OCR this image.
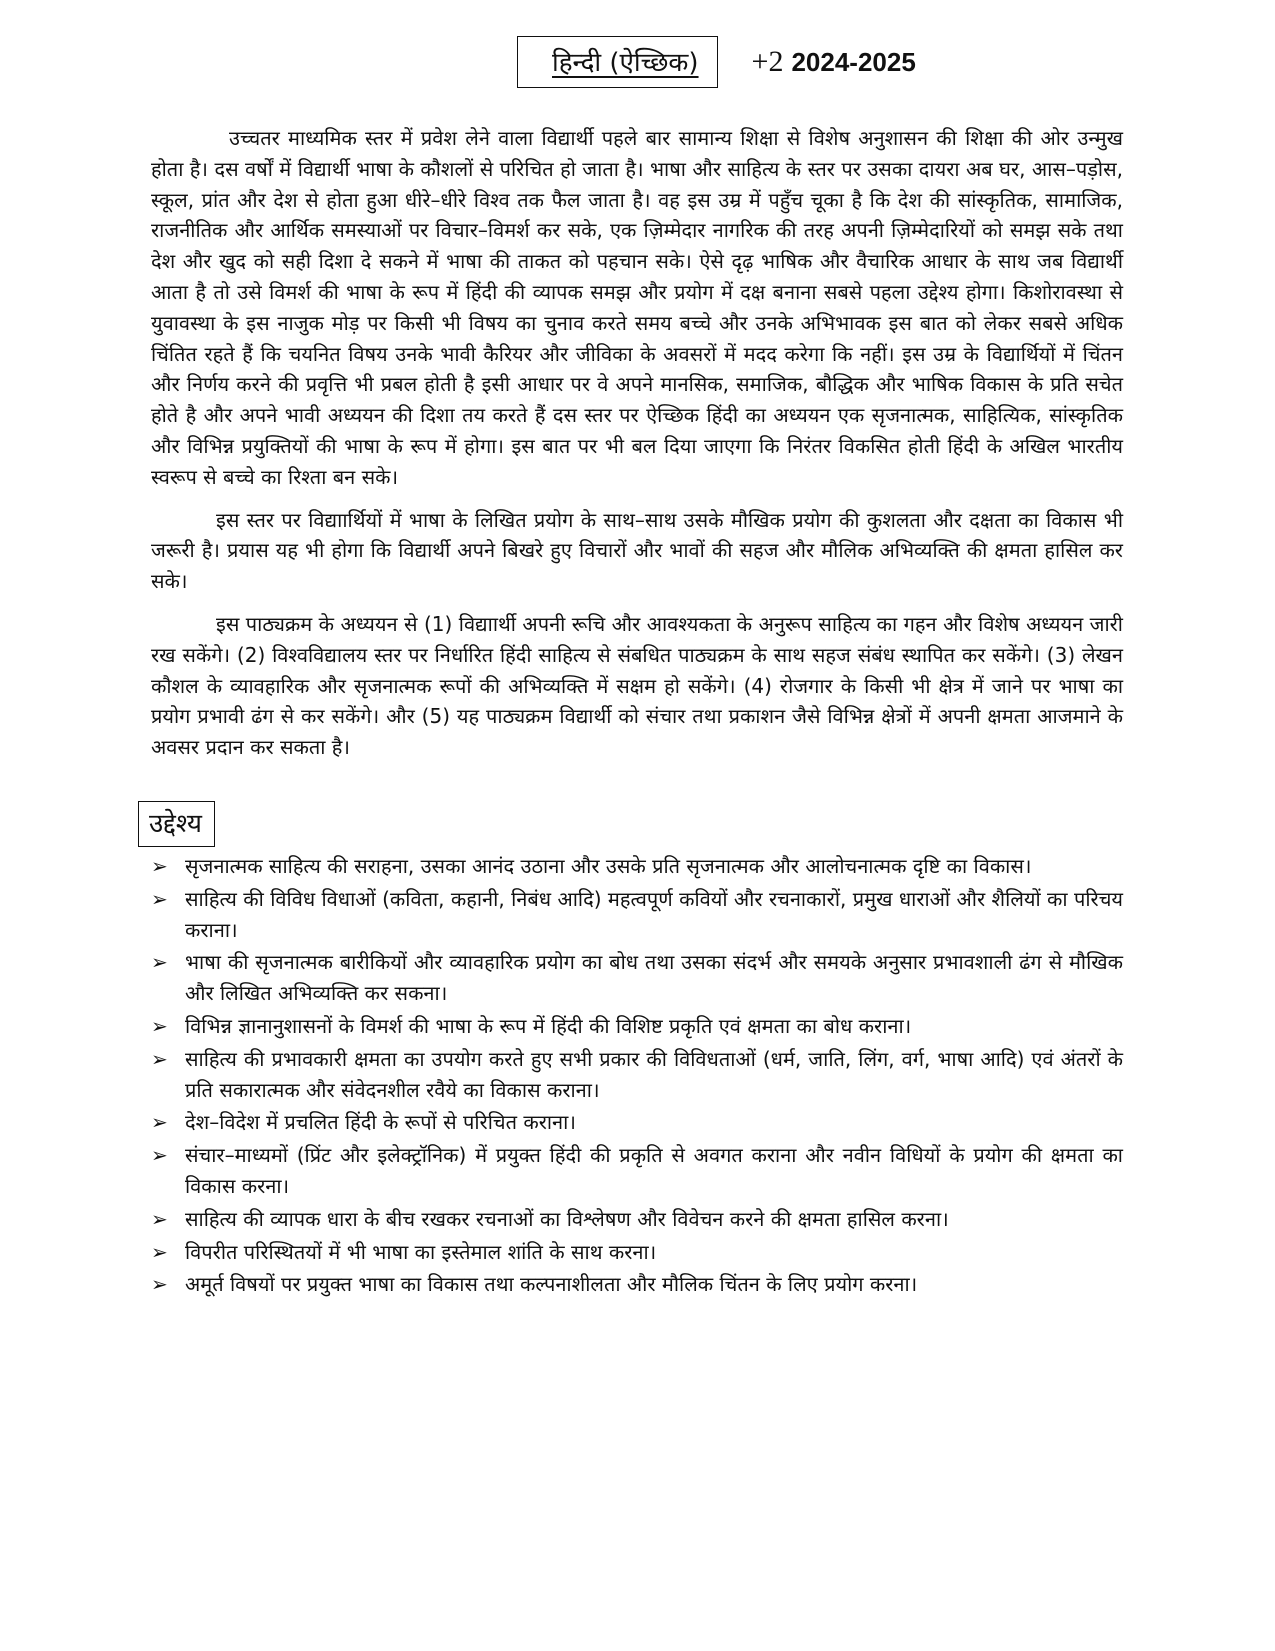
हिन्दी (ऐच्छिक)	+2 2024-2025

उच्चतर माध्यमिक स्तर में प्रवेश लेने वाला विद्यार्थी पहले बार सामान्य शिक्षा से विशेष अनुशासन की शिक्षा की ओर उन्मुख होता है। दस वर्षों में विद्यार्थी भाषा के कौशलों से परिचित हो जाता है। भाषा और साहित्य के स्तर पर उसका दायरा अब घर, आस–पड़ोस, स्कूल, प्रांत और देश से होता हुआ धीरे–धीरे विश्व तक फैल जाता है। वह इस उम्र में पहुँच चूका है कि देश की सांस्कृतिक, सामाजिक, राजनीतिक और आर्थिक समस्याओं पर विचार–विमर्श कर सके, एक ज़िम्मेदार नागरिक की तरह अपनी ज़िम्मेदारियों को समझ सके तथा देश और खुद को सही दिशा दे सकने में भाषा की ताकत को पहचान सके। ऐसे दृढ़ भाषिक और वैचारिक आधार के साथ जब विद्यार्थी आता है तो उसे विमर्श की भाषा के रूप में हिंदी की व्यापक समझ और प्रयोग में दक्ष बनाना सबसे पहला उद्देश्य होगा। किशोरावस्था से युवावस्था के इस नाजुक मोड़ पर किसी भी विषय का चुनाव करते समय बच्चे और उनके अभिभावक इस बात को लेकर सबसे अधिक चिंतित रहते हैं कि चयनित विषय उनके भावी कैरियर और जीविका के अवसरों में मदद करेगा कि नहीं। इस उम्र के विद्यार्थियों में चिंतन और निर्णय करने की प्रवृत्ति भी प्रबल होती है इसी आधार पर वे अपने मानसिक, समाजिक, बौद्धिक और भाषिक विकास के प्रति सचेत होते है और अपने भावी अध्ययन की दिशा तय करते हैं दस स्तर पर ऐच्छिक हिंदी का अध्ययन एक सृजनात्मक, साहित्यिक, सांस्कृतिक और विभिन्न प्रयुक्तियों की भाषा के रूप में होगा। इस बात पर भी बल दिया जाएगा कि निरंतर विकसित होती हिंदी के अखिल भारतीय स्वरूप से बच्चे का रिश्ता बन सके।

इस स्तर पर विद्याार्थियों में भाषा के लिखित प्रयोग के साथ–साथ उसके मौखिक प्रयोग की कुशलता और दक्षता का विकास भी जरूरी है। प्रयास यह भी होगा कि विद्यार्थी अपने बिखरे हुए विचारों और भावों की सहज और मौलिक अभिव्यक्ति की क्षमता हासिल कर सके।

इस पाठ्यक्रम के अध्ययन से (1) विद्याार्थी अपनी रूचि और आवश्यकता के अनुरूप साहित्य का गहन और विशेष अध्ययन जारी रख सकेंगे। (2) विश्वविद्यालय स्तर पर निर्धारित हिंदी साहित्य से संबधित पाठ्यक्रम के साथ सहज संबंध स्थापित कर सकेंगे। (3) लेखन कौशल के व्यावहारिक और सृजनात्मक रूपों की अभिव्यक्ति में सक्षम हो सकेंगे। (4) रोजगार के किसी भी क्षेत्र में जाने पर भाषा का प्रयोग प्रभावी ढंग से कर सकेंगे। और (5) यह पाठ्यक्रम विद्यार्थी को संचार तथा प्रकाशन जैसे विभिन्न क्षेत्रों में अपनी क्षमता आजमाने के अवसर प्रदान कर सकता है।

उद्देश्य
➢ सृजनात्मक साहित्य की सराहना, उसका आनंद उठाना और उसके प्रति सृजनात्मक और आलोचनात्मक दृष्टि का विकास।
➢ साहित्य की विविध विधाओं (कविता, कहानी, निबंध आदि) महत्वपूर्ण कवियों और रचनाकारों, प्रमुख धाराओं और शैलियों का परिचय कराना।
➢ भाषा की सृजनात्मक बारीकियों और व्यावहारिक प्रयोग का बोध तथा उसका संदर्भ और समयके अनुसार प्रभावशाली ढंग से मौखिक और लिखित अभिव्यक्ति कर सकना।
➢ विभिन्न ज्ञानानुशासनों के विमर्श की भाषा के रूप में हिंदी की विशिष्ट प्रकृति एवं क्षमता का बोध कराना।
➢ साहित्य की प्रभावकारी क्षमता का उपयोग करते हुए सभी प्रकार की विविधताओं (धर्म, जाति, लिंग, वर्ग, भाषा आदि) एवं अंतरों के प्रति सकारात्मक और संवेदनशील रवैये का विकास कराना।
➢ देश–विदेश में प्रचलित हिंदी के रूपों से परिचित कराना।
➢ संचार–माध्यमों (प्रिंट और इलेक्ट्रॉनिक) में प्रयुक्त हिंदी की प्रकृति से अवगत कराना और नवीन विधियों के प्रयोग की क्षमता का विकास करना।
➢ साहित्य की व्यापक धारा के बीच रखकर रचनाओं का विश्लेषण और विवेचन करने की क्षमता हासिल करना।
➢ विपरीत परिस्थितयों में भी भाषा का इस्तेमाल शांति के साथ करना।
➢ अमूर्त विषयों पर प्रयुक्त भाषा का विकास तथा कल्पनाशीलता और मौलिक चिंतन के लिए प्रयोग करना।
